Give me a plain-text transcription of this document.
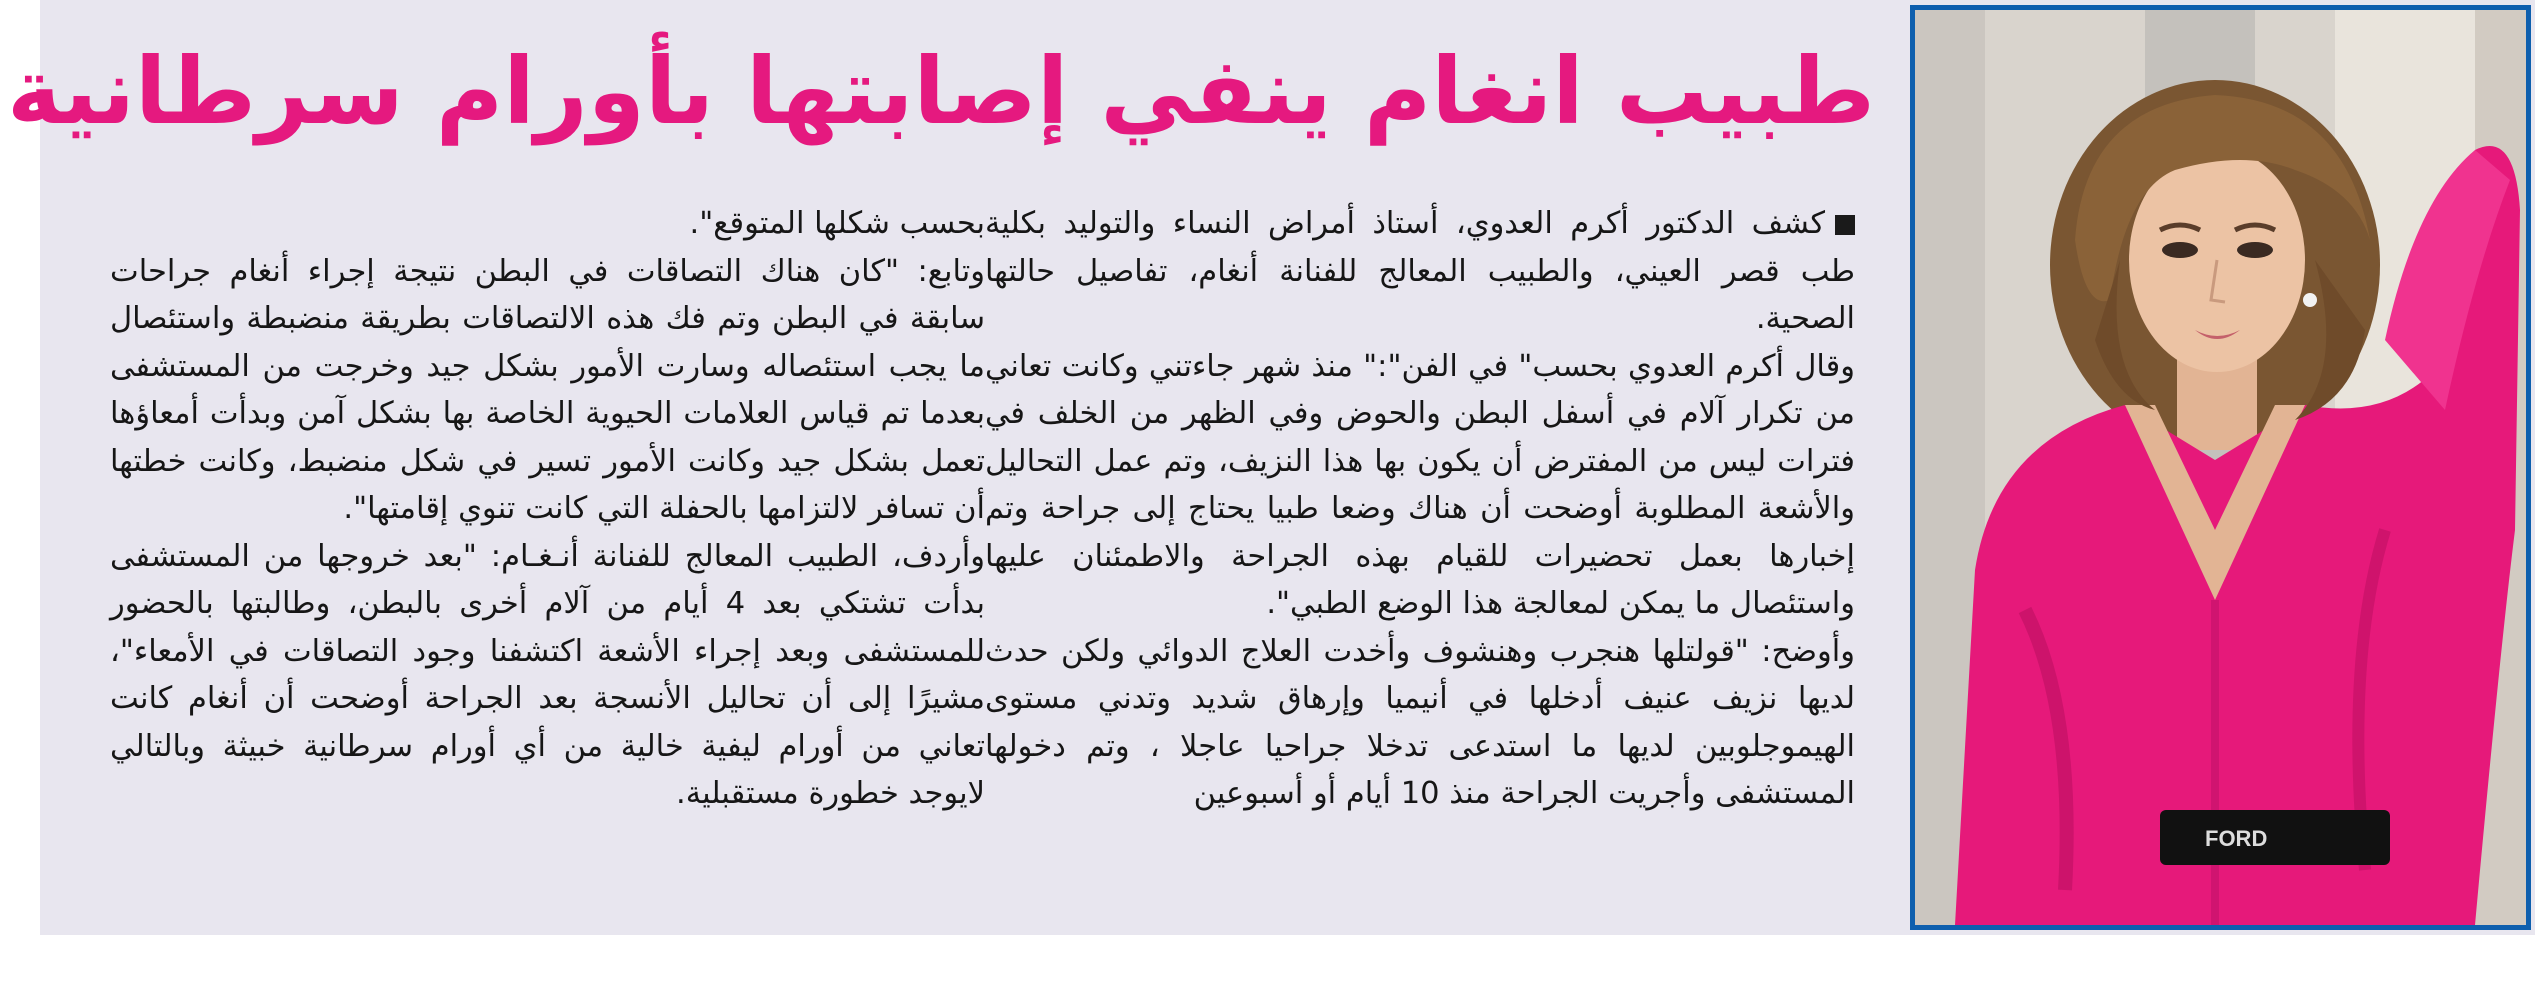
طبيب انغام ينفي إصابتها بأورام سرطانية

كشف الدكتور أكرم العدوي، أستاذ أمراض النساء والتوليد بكلية طب قصر العيني، والطبيب المعالج للفنانة أنغام، تفاصيل حالتها الصحية.

وقال أكرم العدوي بحسب" في الفن":" منذ شهر جاءتني وكانت تعاني من تكرار آلام في أسفل البطن والحوض وفي الظهر من الخلف في فترات ليس من المفترض أن يكون بها هذا النزيف، وتم عمل التحاليل والأشعة المطلوبة أوضحت أن هناك وضعا طبيا يحتاج إلى جراحة وتم إخبارها بعمل تحضيرات للقيام بهذه الجراحة والاطمئنان عليها واستئصال ما يمكن لمعالجة هذا الوضع الطبي".

وأوضح: "قولتلها هنجرب وهنشوف وأخدت العلاج الدوائي ولكن حدث لديها نزيف عنيف أدخلها في أنيميا وإرهاق شديد وتدني مستوى الهيموجلوبين لديها ما استدعى تدخلا جراحيا عاجلا ، وتم دخولها المستشفى وأجريت الجراحة منذ 10 أيام أو أسبوعين

بحسب شكلها المتوقع".

وتابع: "كان هناك التصاقات في البطن نتيجة إجراء أنغام جراحات سابقة في البطن وتم فك هذه الالتصاقات بطريقة منضبطة واستئصال ما يجب استئصاله وسارت الأمور بشكل جيد وخرجت من المستشفى بعدما تم قياس العلامات الحيوية الخاصة بها بشكل آمن وبدأت أمعاؤها تعمل بشكل جيد وكانت الأمور تسير في شكل منضبط، وكانت خطتها أن تسافر لالتزامها بالحفلة التي كانت تنوي إقامتها".

وأردف، الطبيب المعالج للفنانة أنـغـام: "بعد خروجها من المستشفى بدأت تشتكي بعد 4 أيام من آلام أخرى بالبطن، وطالبتها بالحضور للمستشفى وبعد إجراء الأشعة اكتشفنا وجود التصاقات في الأمعاء"، مشيرًا إلى أن تحاليل الأنسجة بعد الجراحة أوضحت أن أنغام كانت تعاني من أورام ليفية خالية من أي أورام سرطانية خبيثة وبالتالي لايوجد خطورة مستقبلية.

FORD
